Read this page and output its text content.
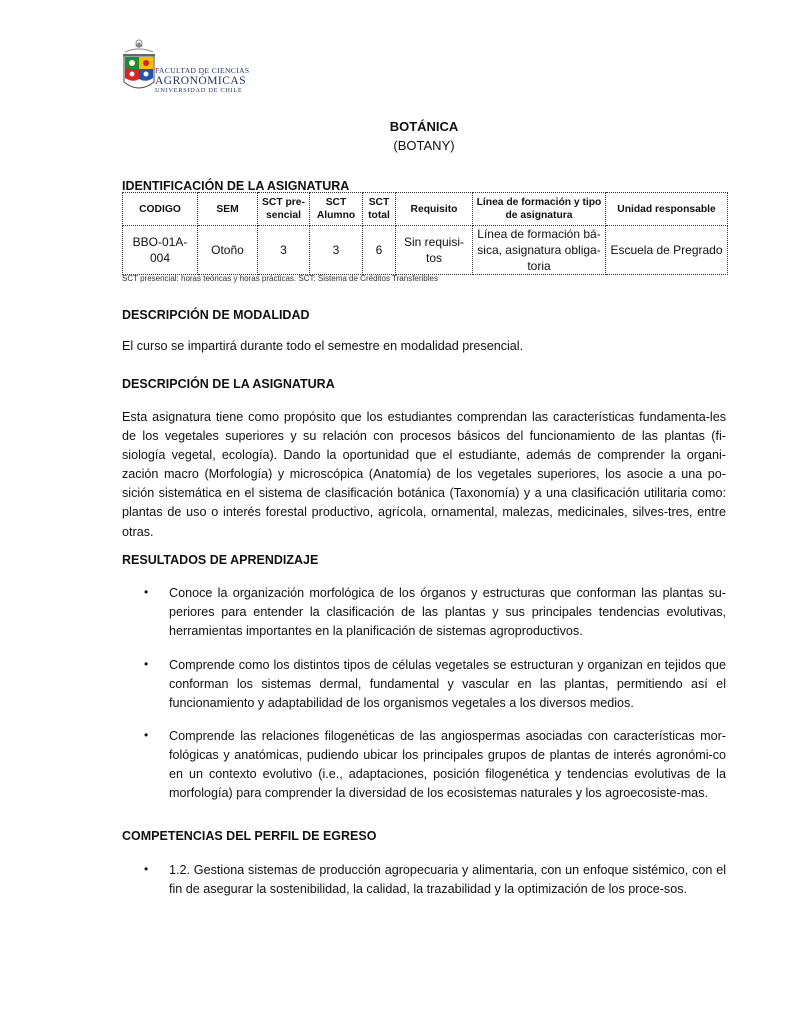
FACULTAD DE CIENCIAS
AGRONÓMICAS
UNIVERSIDAD DE CHILE
BOTÁNICA
(BOTANY)
IDENTIFICACIÓN DE LA ASIGNATURA
CODIGO	SEM	SCT pre-sencial	SCT Alumno	SCT total	Requisito	Línea de formación y tipo de asignatura	Unidad responsable
BBO-01A-004	Otoño	3	3	6	Sin requisi-tos	Línea de formación bá-sica, asignatura obliga-toria	Escuela de Pregrado
SCT presencial: horas teóricas y horas prácticas. SCT: Sistema de Créditos Transferibles
DESCRIPCIÓN DE MODALIDAD
El curso se impartirá durante todo el semestre en modalidad presencial.
DESCRIPCIÓN DE LA ASIGNATURA
Esta asignatura tiene como propósito que los estudiantes comprendan las características fundamenta-les de los vegetales superiores y su relación con procesos básicos del funcionamiento de las plantas (fi-siología vegetal, ecología). Dando la oportunidad que el estudiante, además de comprender la organi-zación macro (Morfología) y microscópica (Anatomía) de los vegetales superiores, los asocie a una po-sición sistemática en el sistema de clasificación botánica (Taxonomía) y a una clasificación utilitaria como: plantas de uso o interés forestal productivo, agrícola, ornamental, malezas, medicinales, silves-tres, entre otras.
RESULTADOS DE APRENDIZAJE
• Conoce la organización morfológica de los órganos y estructuras que conforman las plantas su-periores para entender la clasificación de las plantas y sus principales tendencias evolutivas, herramientas importantes en la planificación de sistemas agroproductivos.
• Comprende como los distintos tipos de células vegetales se estructuran y organizan en tejidos que conforman los sistemas dermal, fundamental y vascular en las plantas, permitiendo así el funcionamiento y adaptabilidad de los organismos vegetales a los diversos medios.
• Comprende las relaciones filogenéticas de las angiospermas asociadas con características mor-fológicas y anatómicas, pudiendo ubicar los principales grupos de plantas de interés agronómi-co en un contexto evolutivo (i.e., adaptaciones, posición filogenética y tendencias evolutivas de la morfología) para comprender la diversidad de los ecosistemas naturales y los agroecosiste-mas.
COMPETENCIAS DEL PERFIL DE EGRESO
• 1.2. Gestiona sistemas de producción agropecuaria y alimentaria, con un enfoque sistémico, con el fin de asegurar la sostenibilidad, la calidad, la trazabilidad y la optimización de los proce-sos.
